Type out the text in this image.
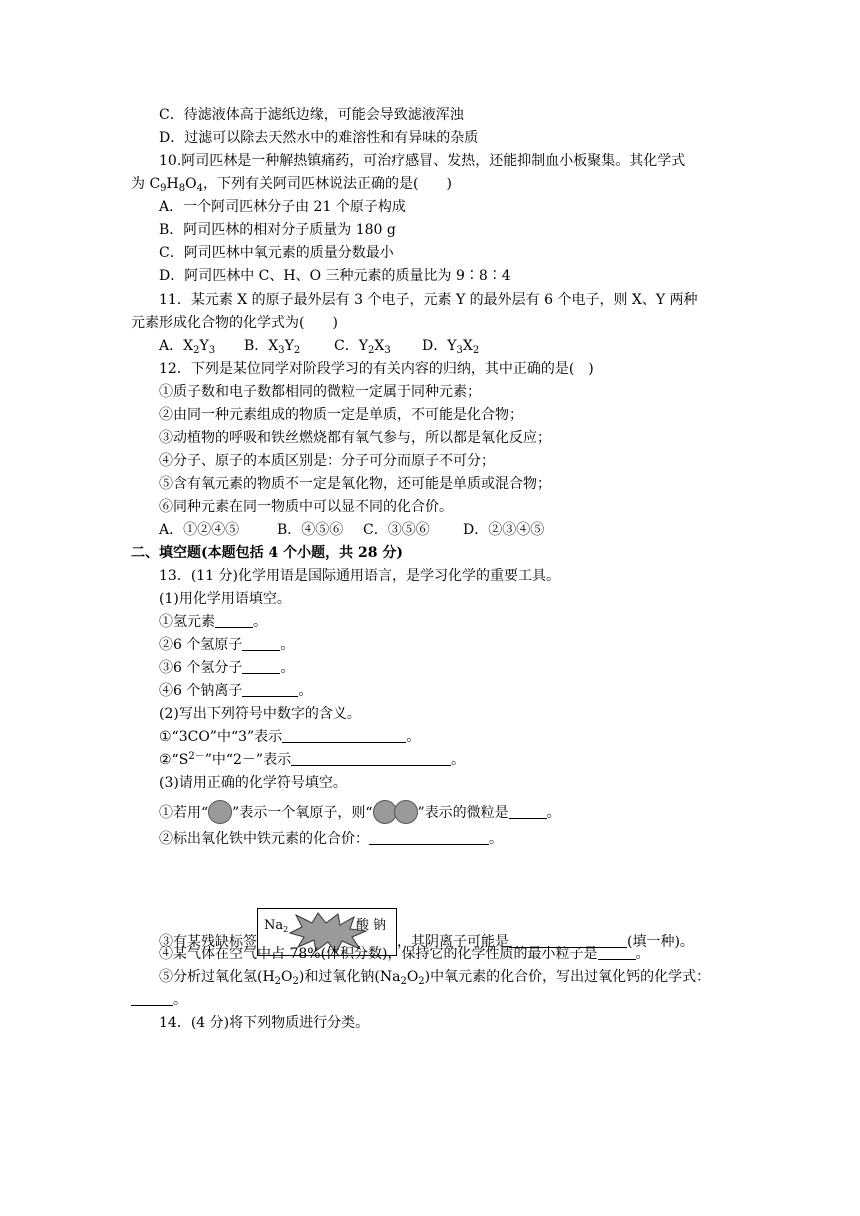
C．待滤液体高于滤纸边缘，可能会导致滤液浑浊
D．过滤可以除去天然水中的难溶性和有异味的杂质
10.阿司匹林是一种解热镇痛药，可治疗感冒、发热，还能抑制血小板聚集。其化学式
为 $C_9H_8O_4$，下列有关阿司匹林说法正确的是(　　)
A．一个阿司匹林分子由 21 个原子构成
B．阿司匹林的相对分子质量为 180 g
C．阿司匹林中氧元素的质量分数最小
D．阿司匹林中 C、H、O 三种元素的质量比为 9∶8∶4
11．某元素 X 的原子最外层有 3 个电子，元素 Y 的最外层有 6 个电子，则 X、Y 两种
元素形成化合物的化学式为(　　)
A．$X_2Y_3$ B．$X_3Y_2$ C．$Y_2X_3$ D．$Y_3X_2$
12．下列是某位同学对阶段学习的有关内容的归纳，其中正确的是(　)
①质子数和电子数都相同的微粒一定属于同种元素；
②由同一种元素组成的物质一定是单质，不可能是化合物；
③动植物的呼吸和铁丝燃烧都有氧气参与，所以都是氧化反应；
④分子、原子的本质区别是：分子可分而原子不可分；
⑤含有氧元素的物质不一定是氧化物，还可能是单质或混合物；
⑥同种元素在同一物质中可以显不同的化合价。
A．①②④⑤	B．④⑤⑥ C．③⑤⑥ D．②③④⑤
二、填空题(本题包括 4 个小题，共 28 分)
13．(11 分)化学用语是国际通用语言，是学习化学的重要工具。
(1)用化学用语填空。
①氢元素	。
②6 个氢原子	。
③6 个氢分子	。
④6 个钠离子	。
(2)写出下列符号中数字的含义。
①“3CO”中“3”表示	。
$②“S^{2-}$”中“2－”表示	。
(3)请用正确的化学符号填空。
①若用“ ”表示一个氧原子，则“	”表示的微粒是	。
②标出氧化铁中铁元素的化合价：	。
③有某残缺标签
$Na_2$	酸钠
，其阴离子可能是	(填一种)。
④某气体在空气中占 78%(体积分数)，保持它的化学性质的最小粒子是	。
⑤分析过氧化氢$(H_2O_2)$和过氧化钠$(Na_2O_2)$中氧元素的化合价，写出过氧化钙的化学式：
。
14．(4 分)将下列物质进行分类。
